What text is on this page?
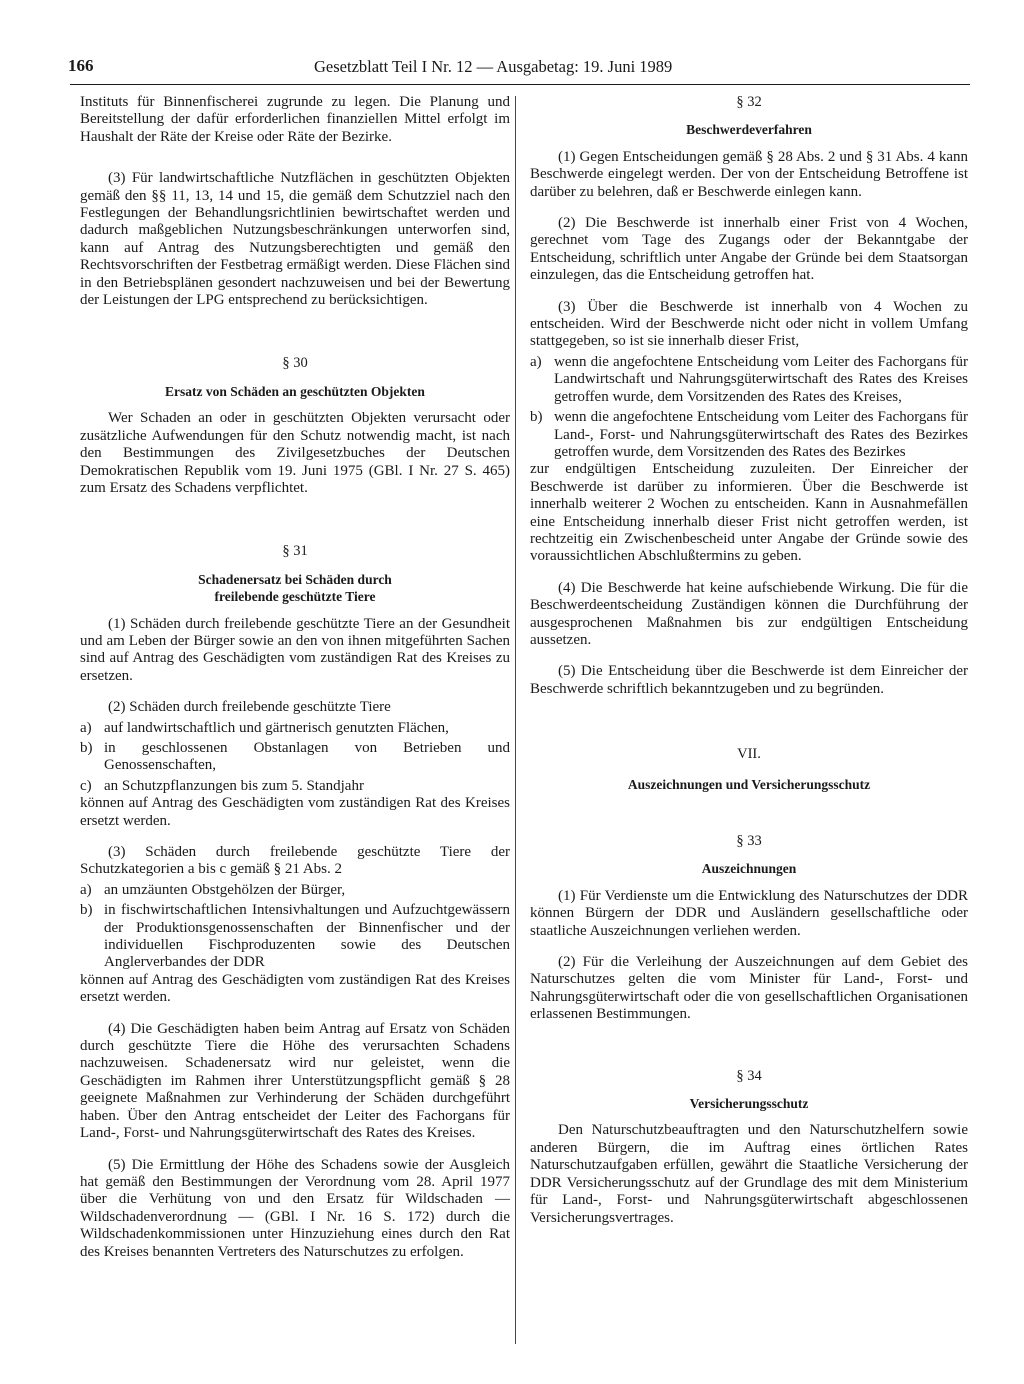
166	Gesetzblatt Teil I Nr. 12 — Ausgabetag: 19. Juni 1989

Instituts für Binnenfischerei zugrunde zu legen. Die Planung und Bereitstellung der dafür erforderlichen finanziellen Mittel erfolgt im Haushalt der Räte der Kreise oder Räte der Bezirke.

(3) Für landwirtschaftliche Nutzflächen in geschützten Objekten gemäß den §§ 11, 13, 14 und 15, die gemäß dem Schutzziel nach den Festlegungen der Behandlungsrichtlinien bewirtschaftet werden und dadurch maßgeblichen Nutzungsbeschränkungen unterworfen sind, kann auf Antrag des Nutzungsberechtigten und gemäß den Rechtsvorschriften der Festbetrag ermäßigt werden. Diese Flächen sind in den Betriebsplänen gesondert nachzuweisen und bei der Bewertung der Leistungen der LPG entsprechend zu berücksichtigen.

§ 30

Ersatz von Schäden an geschützten Objekten

Wer Schaden an oder in geschützten Objekten verursacht oder zusätzliche Aufwendungen für den Schutz notwendig macht, ist nach den Bestimmungen des Zivilgesetzbuches der Deutschen Demokratischen Republik vom 19. Juni 1975 (GBl. I Nr. 27 S. 465) zum Ersatz des Schadens verpflichtet.

§ 31

Schadenersatz bei Schäden durch

freilebende geschützte Tiere

(1) Schäden durch freilebende geschützte Tiere an der Gesundheit und am Leben der Bürger sowie an den von ihnen mitgeführten Sachen sind auf Antrag des Geschädigten vom zuständigen Rat des Kreises zu ersetzen.

(2) Schäden durch freilebende geschützte Tiere

a) auf landwirtschaftlich und gärtnerisch genutzten Flächen,
b) in geschlossenen Obstanlagen von Betrieben und Genossenschaften,
c) an Schutzpflanzungen bis zum 5. Standjahr

können auf Antrag des Geschädigten vom zuständigen Rat des Kreises ersetzt werden.

(3) Schäden durch freilebende geschützte Tiere der Schutzkategorien a bis c gemäß § 21 Abs. 2

a) an umzäunten Obstgehölzen der Bürger,
b) in fischwirtschaftlichen Intensivhaltungen und Aufzuchtgewässern der Produktionsgenossenschaften der Binnenfischer und der individuellen Fischproduzenten sowie des Deutschen Anglerverbandes der DDR

können auf Antrag des Geschädigten vom zuständigen Rat des Kreises ersetzt werden.

(4) Die Geschädigten haben beim Antrag auf Ersatz von Schäden durch geschützte Tiere die Höhe des verursachten Schadens nachzuweisen. Schadenersatz wird nur geleistet, wenn die Geschädigten im Rahmen ihrer Unterstützungspflicht gemäß § 28 geeignete Maßnahmen zur Verhinderung der Schäden durchgeführt haben. Über den Antrag entscheidet der Leiter des Fachorgans für Land-, Forst- und Nahrungsgüterwirtschaft des Rates des Kreises.

(5) Die Ermittlung der Höhe des Schadens sowie der Ausgleich hat gemäß den Bestimmungen der Verordnung vom 28. April 1977 über die Verhütung von und den Ersatz für Wildschaden — Wildschadenverordnung — (GBl. I Nr. 16 S. 172) durch die Wildschadenkommissionen unter Hinzuziehung eines durch den Rat des Kreises benannten Vertreters des Naturschutzes zu erfolgen.

§ 32

Beschwerdeverfahren

(1) Gegen Entscheidungen gemäß § 28 Abs. 2 und § 31 Abs. 4 kann Beschwerde eingelegt werden. Der von der Entscheidung Betroffene ist darüber zu belehren, daß er Beschwerde einlegen kann.

(2) Die Beschwerde ist innerhalb einer Frist von 4 Wochen, gerechnet vom Tage des Zugangs oder der Bekanntgabe der Entscheidung, schriftlich unter Angabe der Gründe bei dem Staatsorgan einzulegen, das die Entscheidung getroffen hat.

(3) Über die Beschwerde ist innerhalb von 4 Wochen zu entscheiden. Wird der Beschwerde nicht oder nicht in vollem Umfang stattgegeben, so ist sie innerhalb dieser Frist,

a) wenn die angefochtene Entscheidung vom Leiter des Fachorgans für Landwirtschaft und Nahrungsgüterwirtschaft des Rates des Kreises getroffen wurde, dem Vorsitzenden des Rates des Kreises,
b) wenn die angefochtene Entscheidung vom Leiter des Fachorgans für Land-, Forst- und Nahrungsgüterwirtschaft des Rates des Bezirkes getroffen wurde, dem Vorsitzenden des Rates des Bezirkes

zur endgültigen Entscheidung zuzuleiten. Der Einreicher der Beschwerde ist darüber zu informieren. Über die Beschwerde ist innerhalb weiterer 2 Wochen zu entscheiden. Kann in Ausnahmefällen eine Entscheidung innerhalb dieser Frist nicht getroffen werden, ist rechtzeitig ein Zwischenbescheid unter Angabe der Gründe sowie des voraussichtlichen Abschlußtermins zu geben.

(4) Die Beschwerde hat keine aufschiebende Wirkung. Die für die Beschwerdeentscheidung Zuständigen können die Durchführung der ausgesprochenen Maßnahmen bis zur endgültigen Entscheidung aussetzen.

(5) Die Entscheidung über die Beschwerde ist dem Einreicher der Beschwerde schriftlich bekanntzugeben und zu begründen.

VII.

Auszeichnungen und Versicherungsschutz

§ 33

Auszeichnungen

(1) Für Verdienste um die Entwicklung des Naturschutzes der DDR können Bürgern der DDR und Ausländern gesellschaftliche oder staatliche Auszeichnungen verliehen werden.

(2) Für die Verleihung der Auszeichnungen auf dem Gebiet des Naturschutzes gelten die vom Minister für Land-, Forst- und Nahrungsgüterwirtschaft oder die von gesellschaftlichen Organisationen erlassenen Bestimmungen.

§ 34

Versicherungsschutz

Den Naturschutzbeauftragten und den Naturschutzhelfern sowie anderen Bürgern, die im Auftrag eines örtlichen Rates Naturschutzaufgaben erfüllen, gewährt die Staatliche Versicherung der DDR Versicherungsschutz auf der Grundlage des mit dem Ministerium für Land-, Forst- und Nahrungsgüterwirtschaft abgeschlossenen Versicherungsvertrages.
